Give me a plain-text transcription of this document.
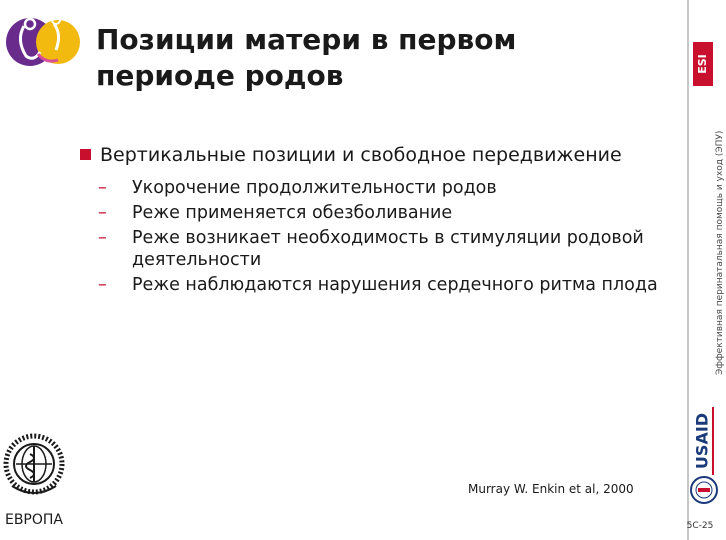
Позиции матери в первом
периоде родов	ESI
Эффективная перинатальная помощь и уход (ЭПУ)
USAID
5C-25
Вертикальные позиции и свободное передвижение
– Укорочение продолжительности родов
– Реже применяется обезболивание
– Реже возникает необходимость в стимуляции родовой деятельности
– Реже наблюдаются нарушения сердечного ритма плода
ЕВРОПА
Murray W. Enkin et al, 2000
